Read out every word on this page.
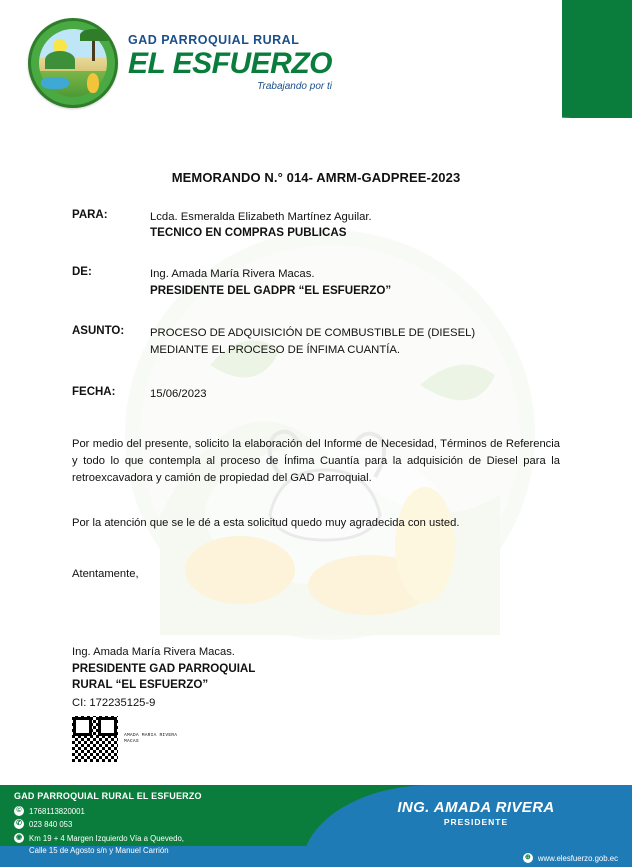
GAD PARROQUIAL RURAL
EL ESFUERZO
Trabajando por ti
MEMORANDO N.° 014- AMRM-GADPREE-2023
PARA:	Lcda. Esmeralda Elizabeth Martínez Aguilar.
TECNICO EN COMPRAS PUBLICAS
DE:	Ing. Amada María Rivera Macas.
PRESIDENTE DEL GADPR “EL ESFUERZO”
ASUNTO:	PROCESO DE ADQUISICIÓN DE COMBUSTIBLE DE (DIESEL)
MEDIANTE EL PROCESO DE ÍNFIMA CUANTÍA.
FECHA:	15/06/2023
Por medio del presente, solicito la elaboración del Informe de Necesidad, Términos de Referencia y todo lo que contempla al proceso de Ínfima Cuantía para la adquisición de Diesel para la retroexcavadora y camión de propiedad del GAD Parroquial.
Por la atención que se le dé a esta solicitud quedo muy agradecida con usted.
Atentamente,
Ing. Amada María Rivera Macas.
PRESIDENTE GAD PARROQUIAL
RURAL “EL ESFUERZO”
CI: 172235125-9
AMADA MARIA RIVERA
MACAS
GAD PARROQUIAL RURAL EL ESFUERZO
© 1768113820001
✆ 023 840 053
◉ Km 19 + 4 Margen Izquierdo Vía a Quevedo,
Calle 15 de Agosto s/n y Manuel Carrión
ING. AMADA RIVERA
PRESIDENTE
⊕ www.elesfuerzo.gob.ec
